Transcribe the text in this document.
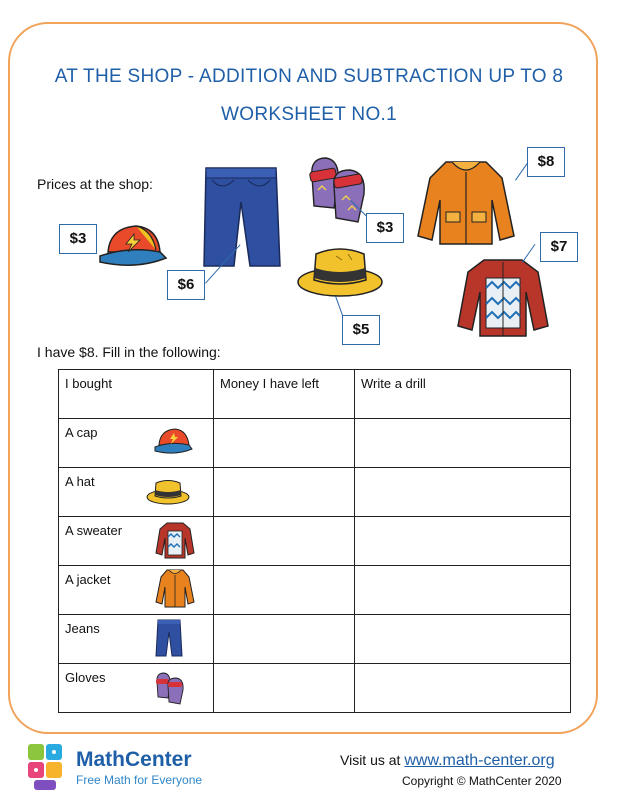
AT THE SHOP - ADDITION AND SUBTRACTION UP TO 8
WORKSHEET NO.1
Prices at the shop:
$3
$6
$3
$5
$8
$7
I have $8. Fill in the following:
I bought	Money I have left	Write a drill
A cap

A hat

A sweater

A jacket

Jeans

Gloves

MathCenter
Free Math for Everyone
Visit us at www.math-center.org
Copyright © MathCenter 2020
